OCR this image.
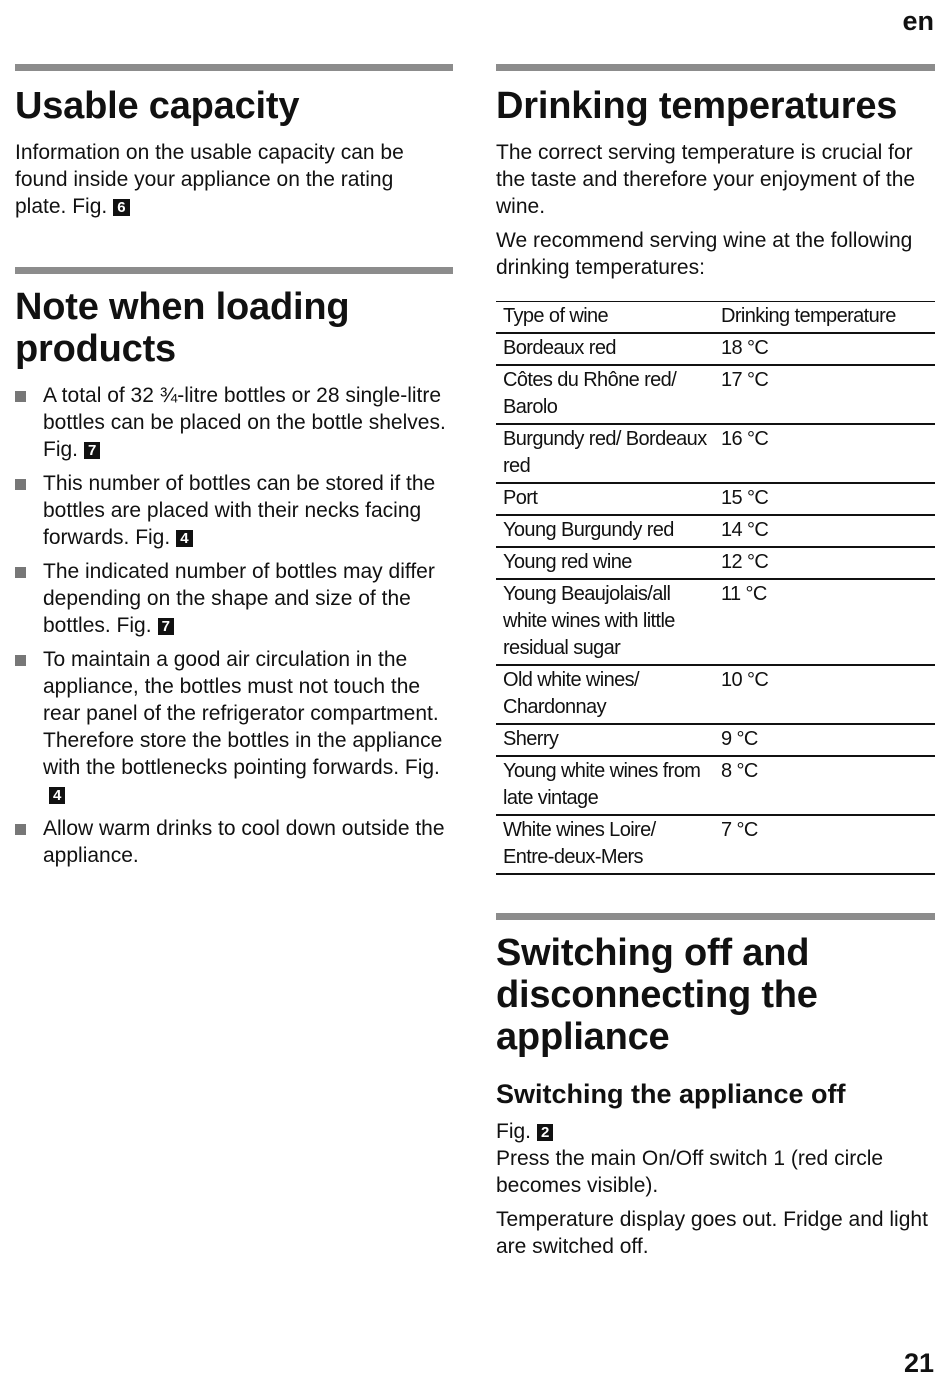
en
Usable capacity

Information on the usable capacity can be found inside your appliance on the rating plate. Fig. 6

Note when loading products
A total of 32 ¾-litre bottles or 28 single-litre bottles can be placed on the bottle shelves. Fig. 7
This number of bottles can be stored if the bottles are placed with their necks facing forwards. Fig. 4
The indicated number of bottles may differ depending on the shape and size of the bottles. Fig. 7
To maintain a good air circulation in the appliance, the bottles must not touch the rear panel of the refrigerator compartment. Therefore store the bottles in the appliance with the bottlenecks pointing forwards. Fig.4
Allow warm drinks to cool down outside the appliance.
Drinking temperatures

The correct serving temperature is crucial for the taste and therefore your enjoyment of the wine.

We recommend serving wine at the following drinking temperatures:

Type of wine	Drinking temperature
Bordeaux red	18 °C
Côtes du Rhône red/ Barolo	17 °C
Burgundy red/ Bordeaux red	16 °C
Port	15 °C
Young Burgundy red	14 °C
Young red wine	12 °C
Young Beaujolais/all white wines with little residual sugar	11 °C
Old white wines/ Chardonnay	10 °C
Sherry	9 °C
Young white wines from late vintage	8 °C
White wines Loire/ Entre-deux-Mers	7 °C
Switching off and disconnecting the appliance
Switching the appliance off

Fig. 2

Press the main On/Off switch 1 (red circle becomes visible).

Temperature display goes out. Fridge and light are switched off.

21
